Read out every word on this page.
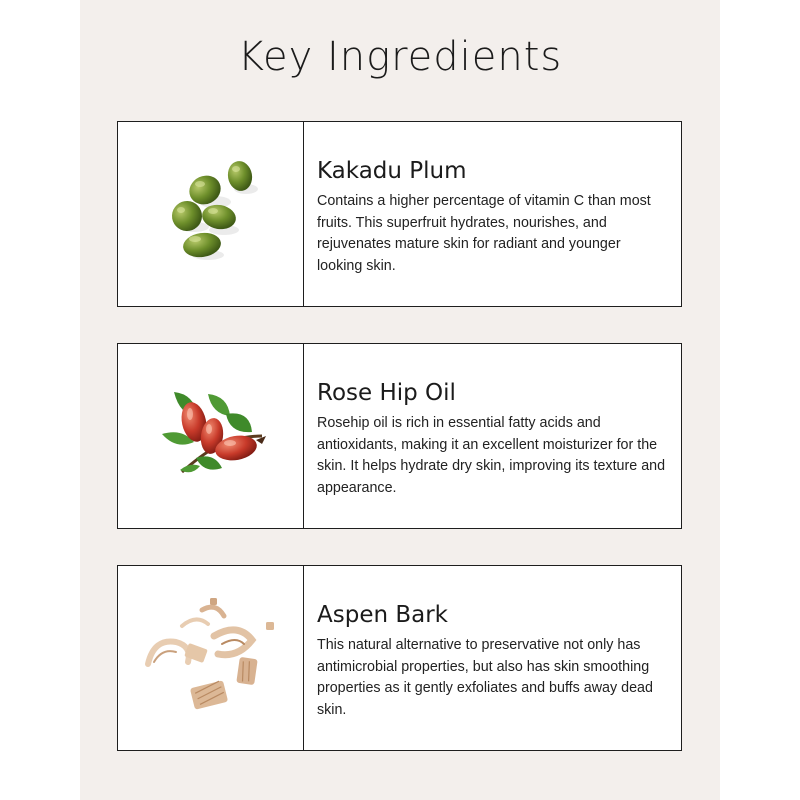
Key Ingredients
Kakadu Plum

Contains a higher percentage of vitamin C than most fruits. This superfruit hydrates, nourishes, and rejuvenates mature skin for radiant and younger looking skin.

Rose Hip Oil

Rosehip oil is rich in essential fatty acids and antioxidants, making it an excellent moisturizer for the skin. It helps hydrate dry skin, improving its texture and appearance.

Aspen Bark

This natural alternative to preservative not only has antimicrobial properties, but also has skin smoothing properties as it gently exfoliates and buffs away dead skin.
